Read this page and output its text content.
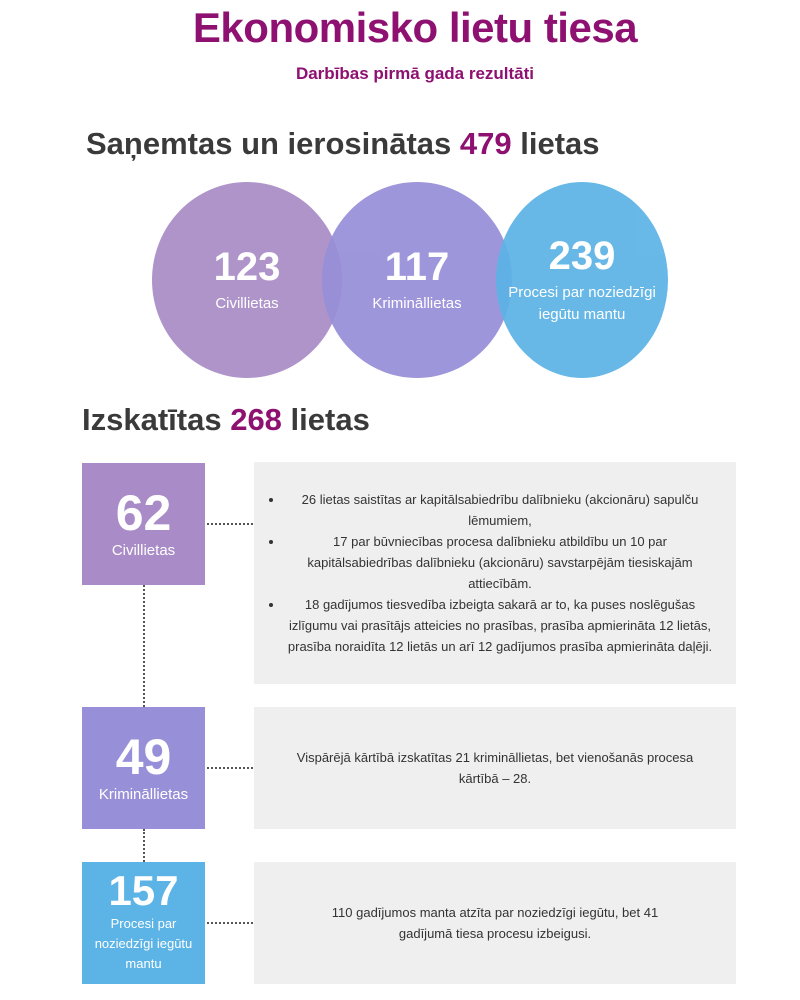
Ekonomisko lietu tiesa
Darbības pirmā gada rezultāti
Saņemtas un ierosinātas 479 lietas
123
Civillietas
117
Krimināllietas
239
Procesi par noziedzīgi iegūtu mantu
Izskatītas 268 lietas
62
Civillietas
• 26 lietas saistītas ar kapitālsabiedrību dalībnieku (akcionāru) sapulču lēmumiem,
• 17 par būvniecības procesa dalībnieku atbildību un 10 par kapitālsabiedrības dalībnieku (akcionāru) savstarpējām tiesiskajām attiecībām.
• 18 gadījumos tiesvedība izbeigta sakarā ar to, ka puses noslēgušas izlīgumu vai prasītājs atteicies no prasības, prasība apmierināta 12 lietās, prasība noraidīta 12 lietās un arī 12 gadījumos prasība apmierināta daļēji.
49
Krimināllietas
Vispārējā kārtībā izskatītas 21 krimināllietas, bet vienošanās procesa kārtībā – 28.
157
Procesi par noziedzīgi iegūtu mantu
110 gadījumos manta atzīta par noziedzīgi iegūtu, bet 41 gadījumā tiesa procesu izbeigusi.
